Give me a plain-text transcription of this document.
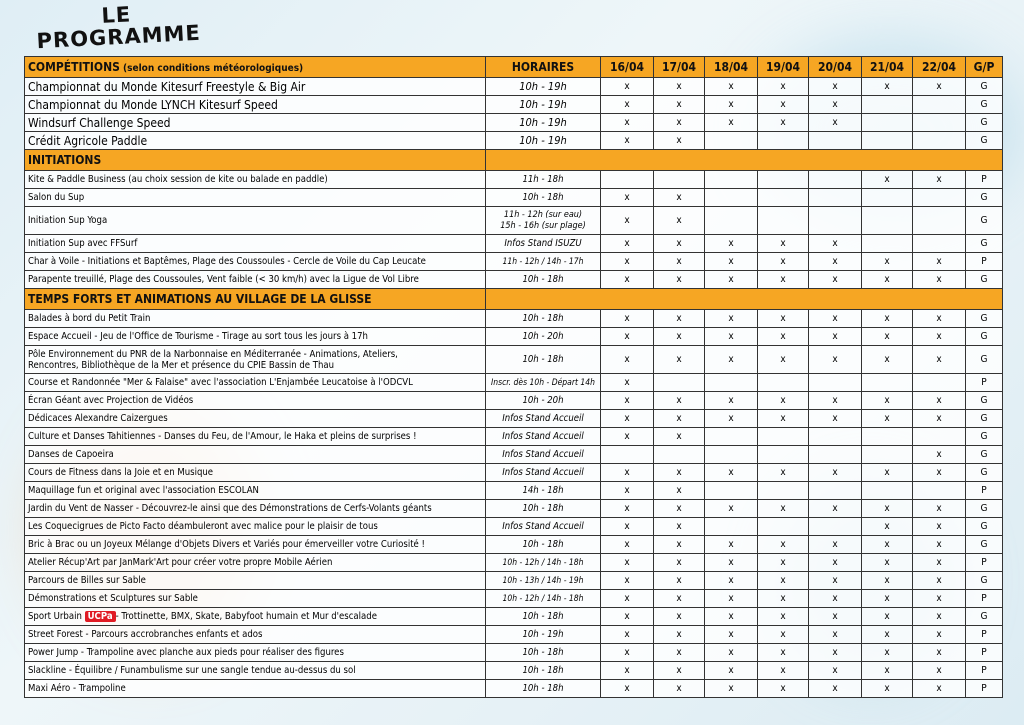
LE
PROGRAMME
COMPÉTITIONS (selon conditions météorologiques)	HORAIRES	16/04	17/04	18/04	19/04	20/04	21/04	22/04	G/P
Championnat du Monde Kitesurf Freestyle & Big Air	10h - 19h	x	x	x	x	x	x	x	G
Championnat du Monde LYNCH Kitesurf Speed	10h - 19h	x	x	x	x	x			G
Windsurf Challenge Speed	10h - 19h	x	x	x	x	x			G
Crédit Agricole Paddle	10h - 19h	x	x						G
INITIATIONS									
Kite & Paddle Business (au choix session de kite ou balade en paddle)	11h - 18h						x	x	P
Salon du Sup	10h - 18h	x	x						G
Initiation Sup Yoga	11h - 12h (sur eau)
15h - 16h (sur plage)	x	x						G
Initiation Sup avec FFSurf	Infos Stand ISUZU	x	x	x	x	x			G
Char à Voile - Initiations et Baptêmes, Plage des Coussoules - Cercle de Voile du Cap Leucate	11h - 12h / 14h - 17h	x	x	x	x	x	x	x	P
Parapente treuillé, Plage des Coussoules, Vent faible (< 30 km/h) avec la Ligue de Vol Libre	10h - 18h	x	x	x	x	x	x	x	G
TEMPS FORTS ET ANIMATIONS AU VILLAGE DE LA GLISSE									
Balades à bord du Petit Train	10h - 18h	x	x	x	x	x	x	x	G
Espace Accueil - Jeu de l'Office de Tourisme - Tirage au sort tous les jours à 17h	10h - 20h	x	x	x	x	x	x	x	G
Pôle Environnement du PNR de la Narbonnaise en Méditerranée - Animations, Ateliers,
Rencontres, Bibliothèque de la Mer et présence du CPIE Bassin de Thau	10h - 18h	x	x	x	x	x	x	x	G
Course et Randonnée "Mer & Falaise" avec l'association L'Enjambée Leucatoise à l'ODCVL	Inscr. dès 10h - Départ 14h	x							P
Écran Géant avec Projection de Vidéos	10h - 20h	x	x	x	x	x	x	x	G
Dédicaces Alexandre Caizergues	Infos Stand Accueil	x	x	x	x	x	x	x	G
Culture et Danses Tahitiennes - Danses du Feu, de l'Amour, le Haka et pleins de surprises !	Infos Stand Accueil	x	x						G
Danses de Capoeira	Infos Stand Accueil							x	G
Cours de Fitness dans la Joie et en Musique	Infos Stand Accueil	x	x	x	x	x	x	x	G
Maquillage fun et original avec l'association ESCOLAN	14h - 18h	x	x						P
Jardin du Vent de Nasser - Découvrez-le ainsi que des Démonstrations de Cerfs-Volants géants	10h - 18h	x	x	x	x	x	x	x	G
Les Coquecigrues de Picto Facto déambuleront avec malice pour le plaisir de tous	Infos Stand Accueil	x	x				x	x	G
Bric à Brac ou un Joyeux Mélange d'Objets Divers et Variés pour émerveiller votre Curiosité !	10h - 18h	x	x	x	x	x	x	x	G
Atelier Récup'Art par JanMark'Art pour créer votre propre Mobile Aérien	10h - 12h / 14h - 18h	x	x	x	x	x	x	x	P
Parcours de Billes sur Sable	10h - 13h / 14h - 19h	x	x	x	x	x	x	x	G
Démonstrations et Sculptures sur Sable	10h - 12h / 14h - 18h	x	x	x	x	x	x	x	P
Sport Urbain UCPa - Trottinette, BMX, Skate, Babyfoot humain et Mur d'escalade	10h - 18h	x	x	x	x	x	x	x	G
Street Forest - Parcours accrobranches enfants et ados	10h - 19h	x	x	x	x	x	x	x	P
Power Jump - Trampoline avec planche aux pieds pour réaliser des figures	10h - 18h	x	x	x	x	x	x	x	P
Slackline - Équilibre / Funambulisme sur une sangle tendue au-dessus du sol	10h - 18h	x	x	x	x	x	x	x	P
Maxi Aéro - Trampoline	10h - 18h	x	x	x	x	x	x	x	P
